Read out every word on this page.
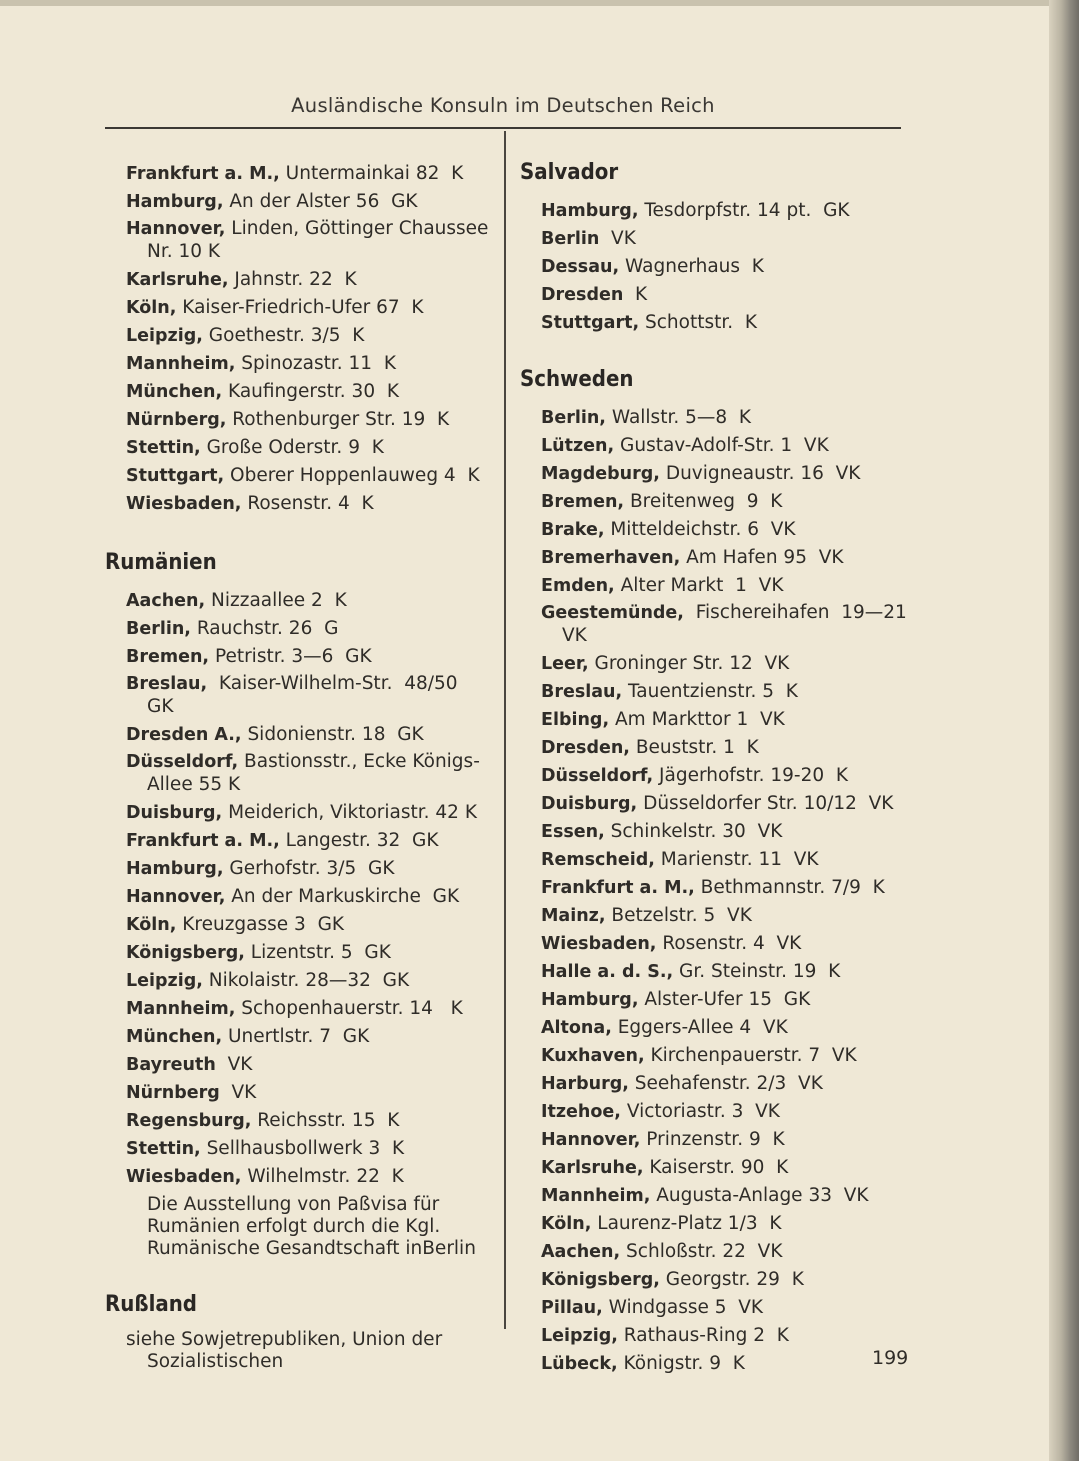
Ausländische Konsuln im Deutschen Reich
Frankfurt a. M., Untermainkai 82  K
Hamburg, An der Alster 56  GK
Hannover, Linden, Göttinger Chaussee
Nr. 10 K
Karlsruhe, Jahnstr. 22  K
Köln, Kaiser-Friedrich-Ufer 67  K
Leipzig, Goethestr. 3/5  K
Mannheim, Spinozastr. 11  K
München, Kaufingerstr. 30  K
Nürnberg, Rothenburger Str. 19  K
Stettin, Große Oderstr. 9  K
Stuttgart, Oberer Hoppenlauweg 4  K
Wiesbaden, Rosenstr. 4  K
Rumänien
Aachen, Nizzaallee 2  K
Berlin, Rauchstr. 26  G
Bremen, Petristr. 3—6  GK
Breslau,  Kaiser-Wilhelm-Str.  48/50
GK
Dresden A., Sidonienstr. 18  GK
Düsseldorf, Bastionsstr., Ecke Königs-
Allee 55 K
Duisburg, Meiderich, Viktoriastr. 42 K
Frankfurt a. M., Langestr. 32  GK
Hamburg, Gerhofstr. 3/5  GK
Hannover, An der Markuskirche  GK
Köln, Kreuzgasse 3  GK
Königsberg, Lizentstr. 5  GK
Leipzig, Nikolaistr. 28—32  GK
Mannheim, Schopenhauerstr. 14   K
München, Unertlstr. 7  GK
Bayreuth  VK
Nürnberg  VK
Regensburg, Reichsstr. 15  K
Stettin, Sellhausbollwerk 3  K
Wiesbaden, Wilhelmstr. 22  K
Die Ausstellung von Paßvisa für
Rumänien erfolgt durch die Kgl.
Rumänische Gesandtschaft inBerlin
Rußland
siehe Sowjetrepubliken, Union der
Sozialistischen
Salvador
Hamburg, Tesdorpfstr. 14 pt.  GK
Berlin  VK
Dessau, Wagnerhaus  K
Dresden  K
Stuttgart, Schottstr.  K
Schweden
Berlin, Wallstr. 5—8  K
Lützen, Gustav-Adolf-Str. 1  VK
Magdeburg, Duvigneaustr. 16  VK
Bremen, Breitenweg  9  K
Brake, Mitteldeichstr. 6  VK
Bremerhaven, Am Hafen 95  VK
Emden, Alter Markt  1  VK
Geestemünde,  Fischereihafen  19—21
VK
Leer, Groninger Str. 12  VK
Breslau, Tauentzienstr. 5  K
Elbing, Am Markttor 1  VK
Dresden, Beuststr. 1  K
Düsseldorf, Jägerhofstr. 19-20  K
Duisburg, Düsseldorfer Str. 10/12  VK
Essen, Schinkelstr. 30  VK
Remscheid, Marienstr. 11  VK
Frankfurt a. M., Bethmannstr. 7/9  K
Mainz, Betzelstr. 5  VK
Wiesbaden, Rosenstr. 4  VK
Halle a. d. S., Gr. Steinstr. 19  K
Hamburg, Alster-Ufer 15  GK
Altona, Eggers-Allee 4  VK
Kuxhaven, Kirchenpauerstr. 7  VK
Harburg, Seehafenstr. 2/3  VK
Itzehoe, Victoriastr. 3  VK
Hannover, Prinzenstr. 9  K
Karlsruhe, Kaiserstr. 90  K
Mannheim, Augusta-Anlage 33  VK
Köln, Laurenz-Platz 1/3  K
Aachen, Schloßstr. 22  VK
Königsberg, Georgstr. 29  K
Pillau, Windgasse 5  VK
Leipzig, Rathaus-Ring 2  K
Lübeck, Königstr. 9  K	199
